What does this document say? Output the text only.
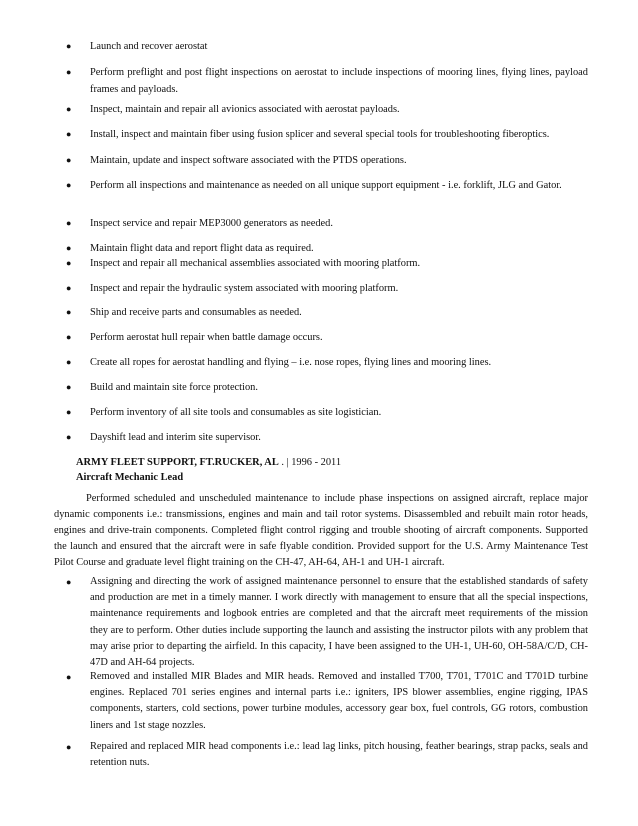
● Launch and recover aerostat
● Perform preflight and post flight inspections on aerostat to include inspections of mooring lines, flying lines, payload frames and payloads.
● Inspect, maintain and repair all avionics associated with aerostat payloads.
● Install, inspect and maintain fiber using fusion splicer and several special tools for troubleshooting fiberoptics.
● Maintain, update and inspect software associated with the PTDS operations.
● Perform all inspections and maintenance as needed on all unique support equipment - i.e. forklift, JLG and Gator.
● Inspect service and repair MEP3000 generators as needed.
● Maintain flight data and report flight data as required.
● Inspect and repair all mechanical assemblies associated with mooring platform.
● Inspect and repair the hydraulic system associated with mooring platform.
● Ship and receive parts and consumables as needed.
● Perform aerostat hull repair when battle damage occurs.
● Create all ropes for aerostat handling and flying – i.e. nose ropes, flying lines and mooring lines.
● Build and maintain site force protection.
● Perform inventory of all site tools and consumables as site logistician.
● Dayshift lead and interim site supervisor.
ARMY FLEET SUPPORT, FT.RUCKER, AL . | 1996 - 2011
Aircraft Mechanic Lead

Performed scheduled and unscheduled maintenance to include phase inspections on assigned aircraft, replace major dynamic components i.e.: transmissions, engines and main and tail rotor systems. Disassembled and rebuilt main rotor heads, engines and drive-train components. Completed flight control rigging and trouble shooting of aircraft components. Supported the launch and ensured that the aircraft were in safe flyable condition. Provided support for the U.S. Army Maintenance Test Pilot Course and graduate level flight training on the CH-47, AH-64, AH-1 and UH-1 aircraft.

● Assigning and directing the work of assigned maintenance personnel to ensure that the established standards of safety and production are met in a timely manner. I work directly with management to ensure that all the special inspections, maintenance requirements and logbook entries are completed and that the aircraft meet requirements of the mission they are to perform. Other duties include supporting the launch and assisting the instructor pilots with any problem that may arise prior to departing the airfield. In this capacity, I have been assigned to the UH-1, UH-60, OH-58A/C/D, CH-47D and AH-64 projects.
● Removed and installed MIR Blades and MIR heads. Removed and installed T700, T701, T701C and T701D turbine engines. Replaced 701 series engines and internal parts i.e.: igniters, IPS blower assemblies, engine rigging, IPAS components, starters, cold sections, power turbine modules, accessory gear box, fuel controls, GG rotors, combustion liners and 1st stage nozzles.
● Repaired and replaced MIR head components i.e.: lead lag links, pitch housing, feather bearings, strap packs, seals and retention nuts.
